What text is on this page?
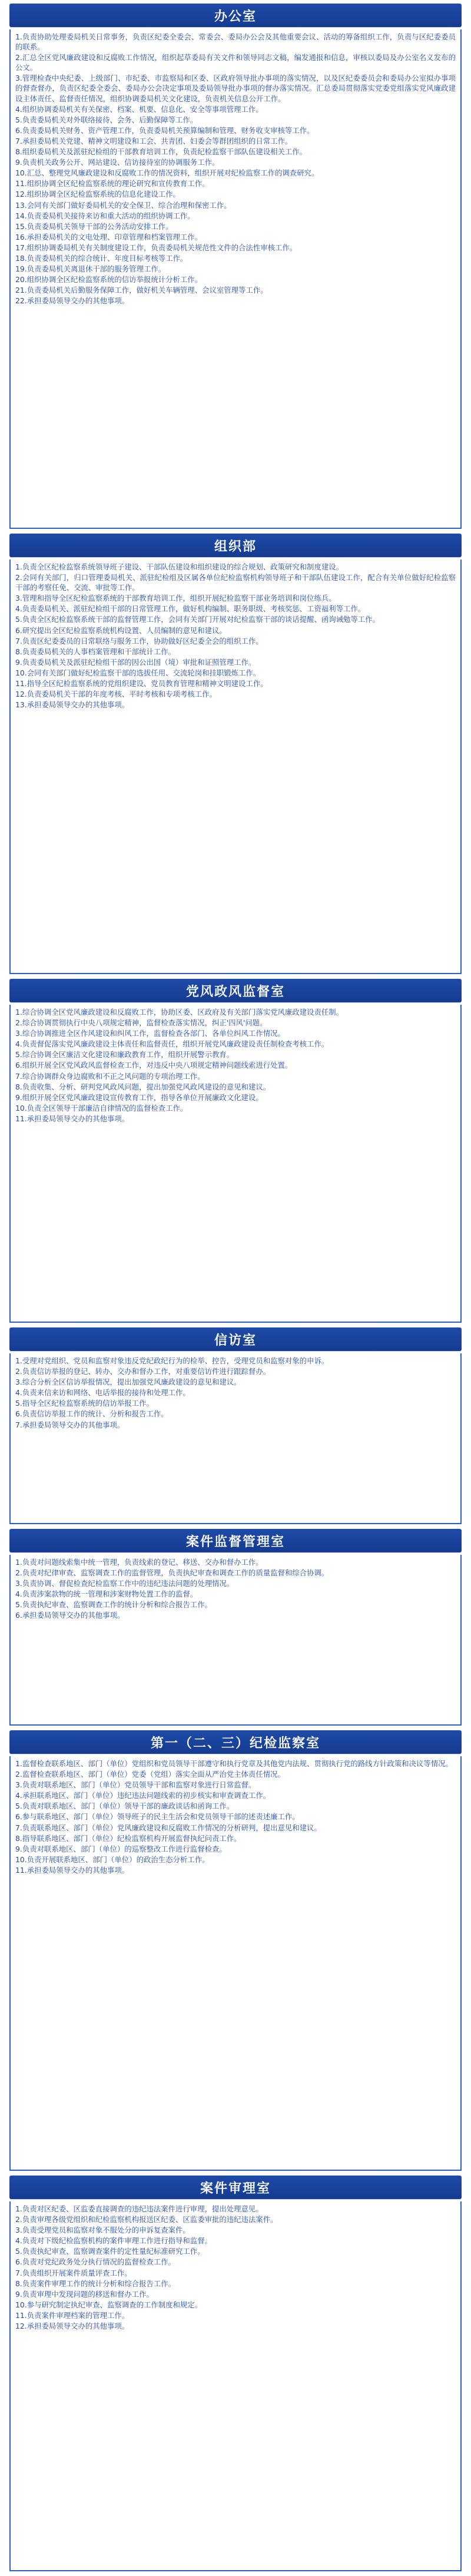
办公室

1.负责协助处理委局机关日常事务，负责区纪委全委会、常委会、委局办公会及其他重要会议、活动的筹备组织工作，负责与区纪委委员的联系。

2.汇总全区党风廉政建设和反腐败工作情况，组织起草委局有关文件和领导同志文稿，编发通报和信息，审核以委局及办公室名义发布的公文。

3.管理检查中央纪委、上级部门、市纪委、市监察局和区委、区政府领导批办事项的落实情况，以及区纪委委员会和委局办公室拟办事项的督查督办，负责区纪委全委会、委局办公会决定事项及委局领导批办事项的督办落实情况。汇总委局贯彻落实党委党组落实党风廉政建设主体责任、监督责任情况，组织协调委局机关文化建设，负责机关信息公开工作。

4.组织协调委局机关有关保密、档案、机要、信息化、安全等事项管理工作。

5.负责委局机关对外联络接待、会务、后勤保障等工作。

6.负责委局机关财务、资产管理工作，负责委局机关预算编制和管理、财务收支审核等工作。

7.承担委局机关党建、精神文明建设和工会、共青团、妇委会等群团组织的日常工作。

8.组织委局机关及派驻纪检组的干部教育培训工作，负责纪检监察干部队伍建设相关工作。

9.负责机关政务公开、网站建设、信访接待室的协调服务工作。

10.汇总、整理党风廉政建设和反腐败工作的情况资料，组织开展对纪检监察工作的调查研究。

11.组织协调全区纪检监察系统的理论研究和宣传教育工作。

12.组织协调全区纪检监察系统的信息化建设工作。

13.会同有关部门做好委局机关的安全保卫、综合治理和保密工作。

14.负责委局机关接待来访和重大活动的组织协调工作。

15.负责委局机关领导干部的公务活动安排工作。

16.承担委局机关的文电处理、印章管理和档案管理工作。

17.组织协调委局机关有关制度建设工作，负责委局机关规范性文件的合法性审核工作。

18.负责委局机关的综合统计、年度目标考核等工作。

19.负责委局机关离退休干部的服务管理工作。

20.组织协调全区纪检监察系统的信访举报统计分析工作。

21.负责委局机关后勤服务保障工作，做好机关车辆管理、会议室管理等工作。

22.承担委局领导交办的其他事项。

组织部

1.负责全区纪检监察系统领导班子建设、干部队伍建设和组织建设的综合规划、政策研究和制度建设。

2.会同有关部门，归口管理委局机关、派驻纪检组及区属各单位纪检监察机构领导班子和干部队伍建设工作，配合有关单位做好纪检监察干部的考察任免、交流、审批等工作。

3.管理和指导全区纪检监察系统的干部教育培训工作，组织开展纪检监察干部业务培训和岗位练兵。

4.负责委局机关、派驻纪检组干部的日常管理工作，做好机构编制、职务职级、考核奖惩、工资福利等工作。

5.负责全区纪检监察系统干部的监督管理工作，会同有关部门开展对纪检监察干部的谈话提醒、函询诫勉等工作。

6.研究提出全区纪检监察系统机构设置、人员编制的意见和建议。

7.负责区纪委委员的日常联络与服务工作，协助做好区纪委全会的组织工作。

8.负责委局机关的人事档案管理和干部统计工作。

9.负责委局机关及派驻纪检组干部的因公出国（境）审批和证照管理工作。

10.会同有关部门做好纪检监察干部的选拔任用、交流轮岗和挂职锻炼工作。

11.指导全区纪检监察系统的党组织建设、党员教育管理和精神文明建设工作。

12.负责委局机关干部的年度考核、平时考核和专项考核工作。

13.承担委局领导交办的其他事项。

党风政风监督室

1.综合协调全区党风廉政建设和反腐败工作，协助区委、区政府及有关部门落实党风廉政建设责任制。

2.综合协调贯彻执行中央八项规定精神，监督检查落实情况，纠正'四风'问题。

3.综合协调推进全区作风建设和纠风工作，监督检查各部门、各单位纠风工作情况。

4.负责督促落实党风廉政建设主体责任和监督责任，组织开展党风廉政建设责任制检查考核工作。

5.综合协调全区廉洁文化建设和廉政教育工作，组织开展警示教育。

6.组织开展全区党风政风监督检查工作，对违反中央八项规定精神问题线索进行处置。

7.综合协调群众身边腐败和不正之风问题的专项治理工作。

8.负责收集、分析、研判党风政风问题，提出加强党风政风建设的意见和建议。

9.组织开展全区党风廉政建设宣传教育工作，指导各单位开展廉政文化建设。

10.负责全区领导干部廉洁自律情况的监督检查工作。

11.承担委局领导交办的其他事项。

信访室

1.受理对党组织、党员和监察对象违反党纪政纪行为的检举、控告，受理党员和监察对象的申诉。

2.负责信访举报的登记、转办、交办和督办工作，对重要信访件进行跟踪督办。

3.综合分析全区信访举报情况，提出加强党风廉政建设的意见和建议。

4.负责来信来访和网络、电话举报的接待和处理工作。

5.指导全区纪检监察系统的信访举报工作。

6.负责信访举报工作的统计、分析和报告工作。

7.承担委局领导交办的其他事项。

案件监督管理室

1.负责对问题线索集中统一管理，负责线索的登记、移送、交办和督办工作。

2.负责对纪律审查、监察调查工作的监督管理，负责执纪审查和调查工作的质量监督和综合协调。

3.负责协调、督促检查纪检监察工作中的违纪违法问题的处理情况。

4.负责涉案款物的统一管理和涉案财物处置工作的监督。

5.负责执纪审查、监察调查工作的统计分析和综合报告工作。

6.承担委局领导交办的其他事项。

第一（二、三）纪检监察室

1.监督检查联系地区、部门（单位）党组织和党员领导干部遵守和执行党章及其他党内法规、贯彻执行党的路线方针政策和决议等情况。

2.监督检查联系地区、部门（单位）党委（党组）落实全面从严治党主体责任情况。

3.负责对联系地区、部门（单位）党员领导干部和监察对象进行日常监督。

4.承担联系地区、部门（单位）违纪违法问题线索的初步核实和审查调查工作。

5.负责对联系地区、部门（单位）领导干部的廉政谈话和函询工作。

6.参与联系地区、部门（单位）领导班子的民主生活会和党员领导干部的述责述廉工作。

7.负责联系地区、部门（单位）党风廉政建设和反腐败工作情况的分析研判，提出意见和建议。

8.指导联系地区、部门（单位）纪检监察机构开展监督执纪问责工作。

9.负责对联系地区、部门（单位）的巡察整改工作进行监督检查。

10.负责开展联系地区、部门（单位）的政治生态分析工作。

11.承担委局领导交办的其他事项。

案件审理室

1.负责对区纪委、区监委直接调查的违纪违法案件进行审理，提出处理意见。

2.负责审理各级党组织和纪检监察机构报送区纪委、区监委审批的违纪违法案件。

3.负责受理党员和监察对象不服处分的申诉复查案件。

4.负责对下级纪检监察机构的案件审理工作进行指导和监督。

5.负责执纪审查、监察调查案件的定性量纪标准研究工作。

6.负责对党纪政务处分执行情况的监督检查工作。

7.负责组织开展案件质量评查工作。

8.负责案件审理工作的统计分析和综合报告工作。

9.负责审理中发现问题的移送和督办工作。

10.参与研究制定执纪审查、监察调查的工作制度和规定。

11.负责案件审理档案的管理工作。

12.承担委局领导交办的其他事项。
